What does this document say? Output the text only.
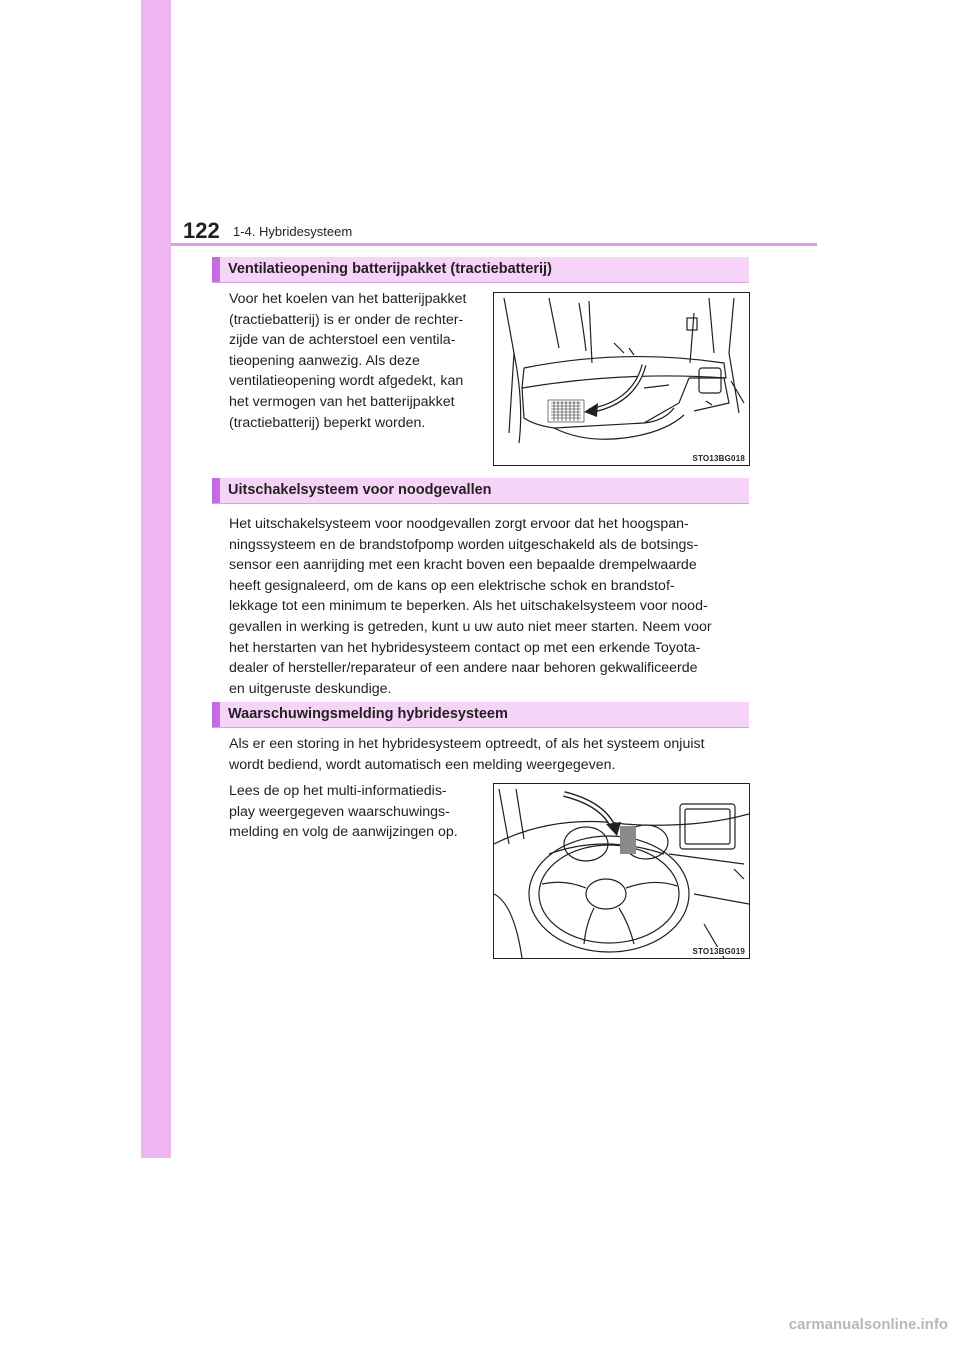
122 1-4. Hybridesysteem
Ventilatieopening batterijpakket (tractiebatterij)
Voor het koelen van het batterijpakket
(tractiebatterij) is er onder de rechter-
zijde van de achterstoel een ventila-
tieopening aanwezig. Als deze
ventilatieopening wordt afgedekt, kan
het vermogen van het batterijpakket
(tractiebatterij) beperkt worden.
STO13BG018
Uitschakelsysteem voor noodgevallen
Het uitschakelsysteem voor noodgevallen zorgt ervoor dat het hoogspan-
ningssysteem en de brandstofpomp worden uitgeschakeld als de botsings-
sensor een aanrijding met een kracht boven een bepaalde drempelwaarde
heeft gesignaleerd, om de kans op een elektrische schok en brandstof-
lekkage tot een minimum te beperken. Als het uitschakelsysteem voor nood-
gevallen in werking is getreden, kunt u uw auto niet meer starten. Neem voor
het herstarten van het hybridesysteem contact op met een erkende Toyota-
dealer of hersteller/reparateur of een andere naar behoren gekwalificeerde
en uitgeruste deskundige.
Waarschuwingsmelding hybridesysteem
Als er een storing in het hybridesysteem optreedt, of als het systeem onjuist
wordt bediend, wordt automatisch een melding weergegeven.
Lees de op het multi-informatiedis-
play weergegeven waarschuwings-
melding en volg de aanwijzingen op.
STO13BG019
carmanualsonline.info
